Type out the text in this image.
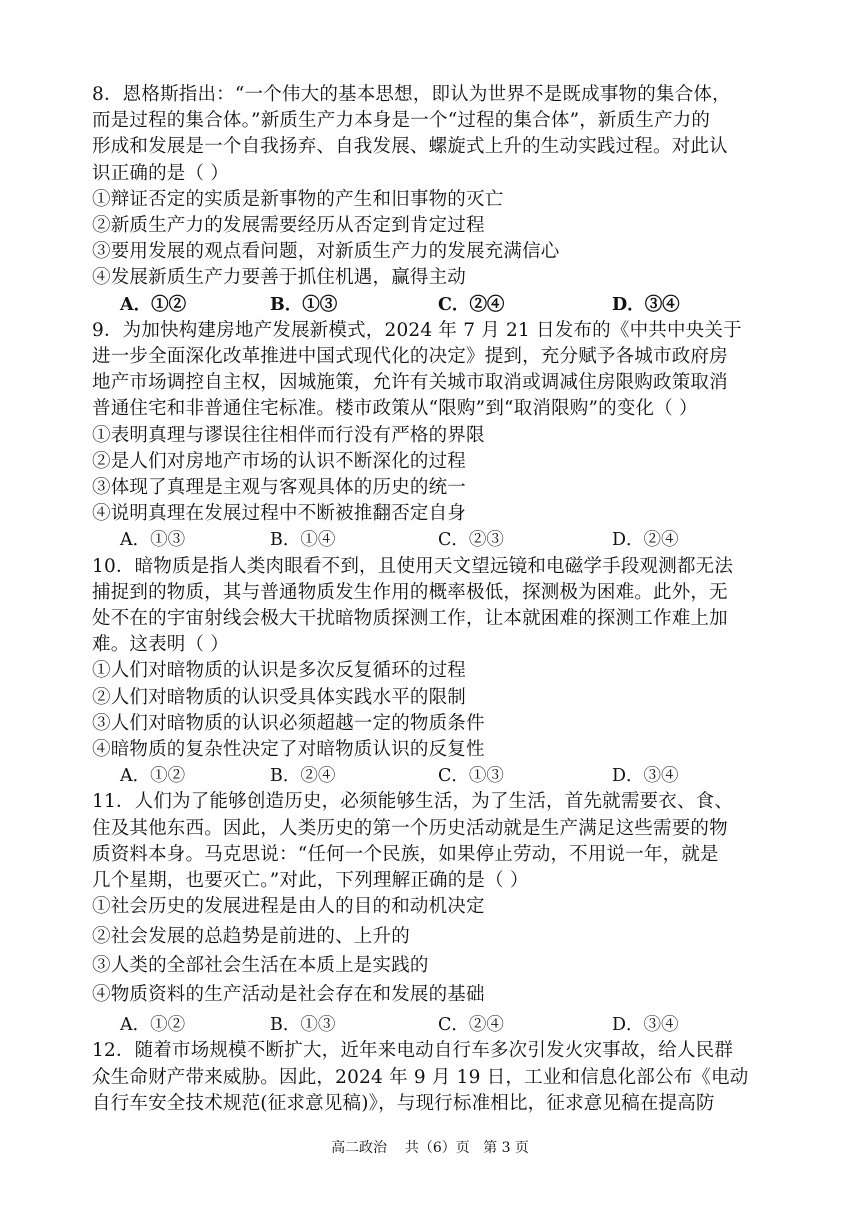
8．恩格斯指出：“一个伟大的基本思想，即认为世界不是既成事物的集合体，
而是过程的集合体。”新质生产力本身是一个“过程的集合体”，新质生产力的
形成和发展是一个自我扬弃、自我发展、螺旋式上升的生动实践过程。对此认
识正确的是（ ）
①辩证否定的实质是新事物的产生和旧事物的灭亡
②新质生产力的发展需要经历从否定到肯定过程
③要用发展的观点看问题，对新质生产力的发展充满信心
④发展新质生产力要善于抓住机遇，赢得主动
A．①②	B．①③	C．②④	D．③④
9．为加快构建房地产发展新模式，2024 年 7 月 21 日发布的《中共中央关于
进一步全面深化改革推进中国式现代化的决定》提到，充分赋予各城市政府房
地产市场调控自主权，因城施策，允许有关城市取消或调减住房限购政策取消
普通住宅和非普通住宅标准。楼市政策从“限购”到“取消限购”的变化（ ）
①表明真理与谬误往往相伴而行没有严格的界限
②是人们对房地产市场的认识不断深化的过程
③体现了真理是主观与客观具体的历史的统一
④说明真理在发展过程中不断被推翻否定自身
A．①③	B．①④	C．②③	D．②④
10．暗物质是指人类肉眼看不到，且使用天文望远镜和电磁学手段观测都无法
捕捉到的物质，其与普通物质发生作用的概率极低，探测极为困难。此外，无
处不在的宇宙射线会极大干扰暗物质探测工作，让本就困难的探测工作难上加
难。这表明（ ）
①人们对暗物质的认识是多次反复循环的过程
②人们对暗物质的认识受具体实践水平的限制
③人们对暗物质的认识必须超越一定的物质条件
④暗物质的复杂性决定了对暗物质认识的反复性
A．①②	B．②④	C．①③	D．③④
11．人们为了能够创造历史，必须能够生活，为了生活，首先就需要衣、食、
住及其他东西。因此，人类历史的第一个历史活动就是生产满足这些需要的物
质资料本身。马克思说：“任何一个民族，如果停止劳动，不用说一年，就是
几个星期，也要灭亡。”对此，下列理解正确的是（ ）
①社会历史的发展进程是由人的目的和动机决定
②社会发展的总趋势是前进的、上升的
③人类的全部社会生活在本质上是实践的
④物质资料的生产活动是社会存在和发展的基础
A．①②	B．①③	C．②④	D．③④
12．随着市场规模不断扩大，近年来电动自行车多次引发火灾事故，给人民群
众生命财产带来威胁。因此，2024 年 9 月 19 日，工业和信息化部公布《电动
自行车安全技术规范(征求意见稿)》，与现行标准相比，征求意见稿在提高防
高二政治    共（6）页   第 3 页
